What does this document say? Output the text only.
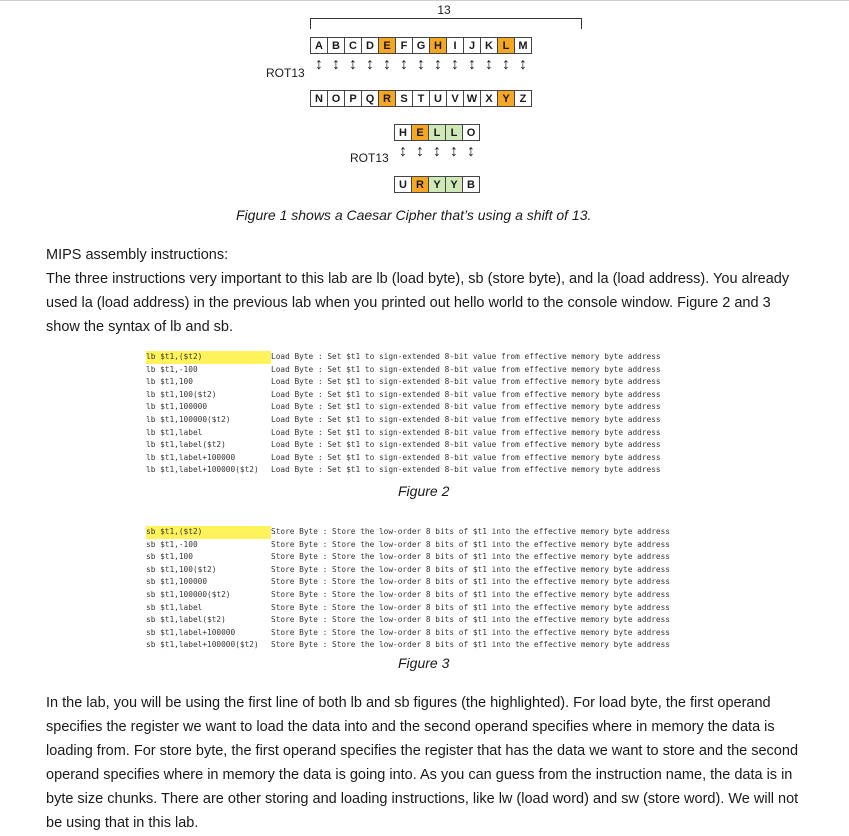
13
A B C D E F G H	I	J K L M
↕ ↕ ↕ ↕ ↕ ↕ ↕ ↕ ↕ ↕ ↕ ↕ ↕
ROT13
N O P Q R S T U V W X Y Z
H E L L O
↕ ↕ ↕ ↕ ↕
ROT13
U R Y Y B
Figure 1 shows a Caesar Cipher that’s using a shift of 13.

MIPS assembly instructions:

The three instructions very important to this lab are lb (load byte), sb (store byte), and la (load address). You already used la (load address) in the previous lab when you printed out hello world to the console window. Figure 2 and 3 show the syntax of lb and sb.

lb $t1,($t2)	Load Byte : Set $t1 to sign-extended 8-bit value from effective memory byte address
lb $t1,-100	Load Byte : Set $t1 to sign-extended 8-bit value from effective memory byte address
lb $t1,100	Load Byte : Set $t1 to sign-extended 8-bit value from effective memory byte address
lb $t1,100($t2)	Load Byte : Set $t1 to sign-extended 8-bit value from effective memory byte address
lb $t1,100000	Load Byte : Set $t1 to sign-extended 8-bit value from effective memory byte address
lb $t1,100000($t2)	Load Byte : Set $t1 to sign-extended 8-bit value from effective memory byte address
lb $t1,label	Load Byte : Set $t1 to sign-extended 8-bit value from effective memory byte address
lb $t1,label($t2)	Load Byte : Set $t1 to sign-extended 8-bit value from effective memory byte address
lb $t1,label+100000	Load Byte : Set $t1 to sign-extended 8-bit value from effective memory byte address
lb $t1,label+100000($t2)	Load Byte : Set $t1 to sign-extended 8-bit value from effective memory byte address
Figure 2
sb $t1,($t2)	Store Byte : Store the low-order 8 bits of $t1 into the effective memory byte address
sb $t1,-100	Store Byte : Store the low-order 8 bits of $t1 into the effective memory byte address
sb $t1,100	Store Byte : Store the low-order 8 bits of $t1 into the effective memory byte address
sb $t1,100($t2)	Store Byte : Store the low-order 8 bits of $t1 into the effective memory byte address
sb $t1,100000	Store Byte : Store the low-order 8 bits of $t1 into the effective memory byte address
sb $t1,100000($t2)	Store Byte : Store the low-order 8 bits of $t1 into the effective memory byte address
sb $t1,label	Store Byte : Store the low-order 8 bits of $t1 into the effective memory byte address
sb $t1,label($t2)	Store Byte : Store the low-order 8 bits of $t1 into the effective memory byte address
sb $t1,label+100000	Store Byte : Store the low-order 8 bits of $t1 into the effective memory byte address
sb $t1,label+100000($t2)	Store Byte : Store the low-order 8 bits of $t1 into the effective memory byte address
Figure 3

In the lab, you will be using the first line of both lb and sb figures (the highlighted). For load byte, the first operand specifies the register we want to load the data into and the second operand specifies where in memory the data is loading from. For store byte, the first operand specifies the register that has the data we want to store and the second operand specifies where in memory the data is going into. As you can guess from the instruction name, the data is in byte size chunks. There are other storing and loading instructions, like lw (load word) and sw (store word). We will not be using that in this lab.
